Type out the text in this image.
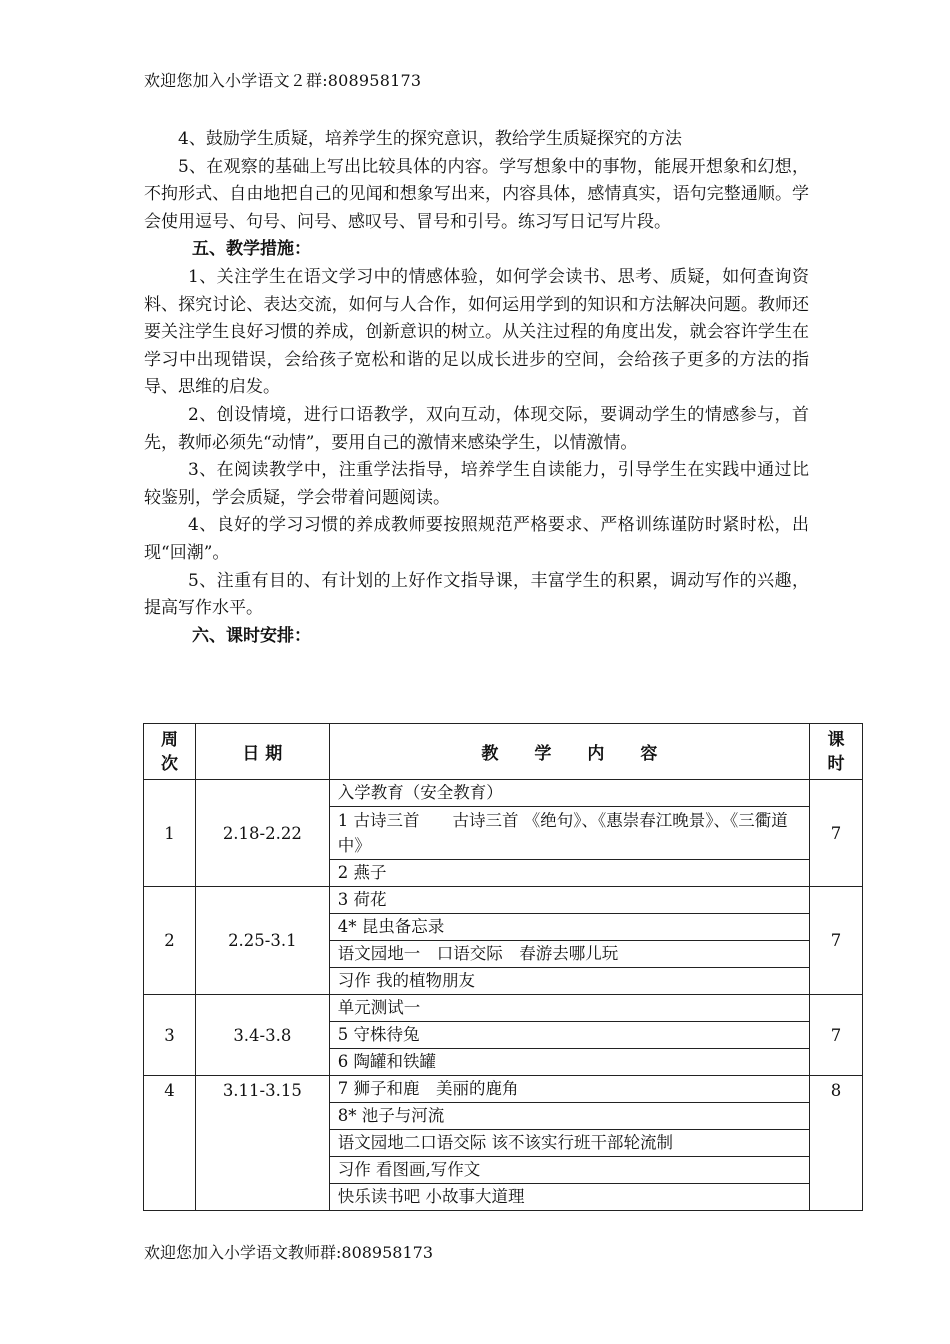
欢迎您加入小学语文２群:808958173

4、鼓励学生质疑，培养学生的探究意识，教给学生质疑探究的方法

5、在观察的基础上写出比较具体的内容。学写想象中的事物，能展开想象和幻想，不拘形式、自由地把自己的见闻和想象写出来，内容具体，感情真实，语句完整通顺。学会使用逗号、句号、问号、感叹号、冒号和引号。练习写日记写片段。

五、教学措施：

1、关注学生在语文学习中的情感体验，如何学会读书、思考、质疑，如何查询资料、探究讨论、表达交流，如何与人合作，如何运用学到的知识和方法解决问题。教师还要关注学生良好习惯的养成，创新意识的树立。从关注过程的角度出发，就会容许学生在学习中出现错误，会给孩子宽松和谐的足以成长进步的空间，会给孩子更多的方法的指导、思维的启发。

2、创设情境，进行口语教学，双向互动，体现交际，要调动学生的情感参与，首先，教师必须先“动情”，要用自己的激情来感染学生，以情激情。

3、在阅读教学中，注重学法指导，培养学生自读能力，引导学生在实践中通过比较鉴别，学会质疑，学会带着问题阅读。

4、良好的学习习惯的养成教师要按照规范严格要求、严格训练谨防时紧时松，出现“回潮”。

5、注重有目的、有计划的上好作文指导课，丰富学生的积累，调动写作的兴趣，提高写作水平。

六、课时安排：
周
次	日 期	教学内容	课
时
1	2.18-2.22	入学教育（安全教育）	7
		1 古诗三首　　古诗三首 《绝句》、《惠崇春江晚景》、《三衢道中》	
		2 燕子	
2	2.25-3.1	3 荷花	7
		4* 昆虫备忘录	
		语文园地一　口语交际　春游去哪儿玩	
		习作 我的植物朋友	
3	3.4-3.8	单元测试一	7
		5 守株待兔	
		6 陶罐和铁罐	
4	3.11-3.15	7 狮子和鹿　美丽的鹿角	8
		8* 池子与河流	
		语文园地二口语交际 该不该实行班干部轮流制	
		习作 看图画,写作文	
		快乐读书吧 小故事大道理	
欢迎您加入小学语文教师群:808958173
